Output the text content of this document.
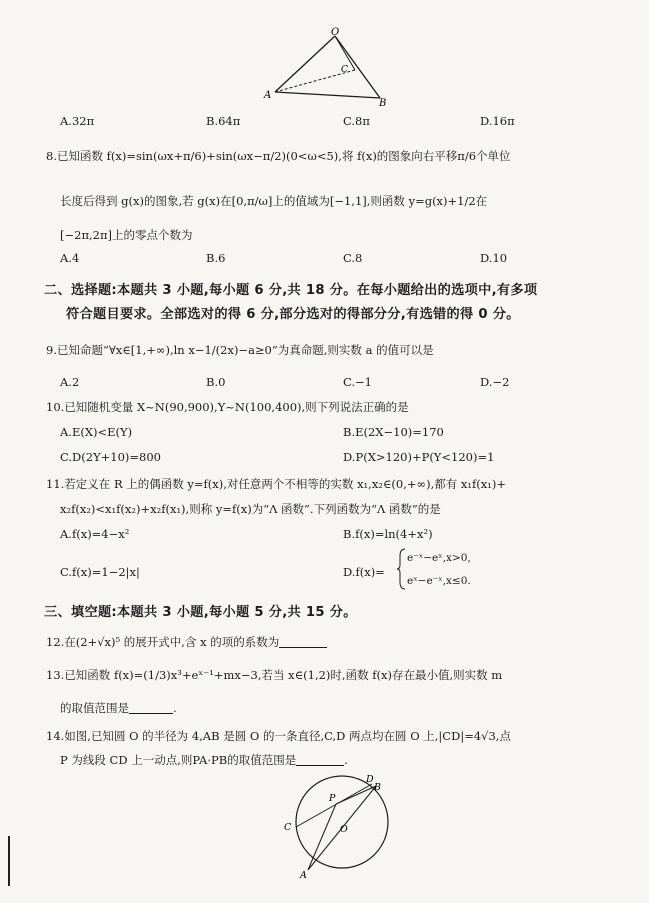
O
A
B
C
A.32π	B.64π	C.8π	D.16π
8.已知函数 f(x)=sin(ωx+π/6)+sin(ωx−π/2)(0<ω<5),将 f(x)的图象向右平移π/6个单位
长度后得到 g(x)的图象,若 g(x)在[0,π/ω]上的值域为[−1,1],则函数 y=g(x)+1/2在
[−2π,2π]上的零点个数为
A.4	B.6	C.8	D.10
二、选择题:本题共 3 小题,每小题 6 分,共 18 分。在每小题给出的选项中,有多项
符合题目要求。全部选对的得 6 分,部分选对的得部分分,有选错的得 0 分。
9.已知命题“∀x∈[1,+∞),ln x−1/(2x)−a≥0”为真命题,则实数 a 的值可以是
A.2	B.0	C.−1	D.−2
10.已知随机变量 X~N(90,900),Y~N(100,400),则下列说法正确的是
A.E(X)<E(Y)	B.E(2X−10)=170
C.D(2Y+10)=800	D.P(X>120)+P(Y<120)=1
11.若定义在 R 上的偶函数 y=f(x),对任意两个不相等的实数 x₁,x₂∈(0,+∞),都有 x₁f(x₁)+
x₂f(x₂)<x₁f(x₂)+x₂f(x₁),则称 y=f(x)为“Λ 函数”.下列函数为“Λ 函数”的是
A.f(x)=4−x²	B.f(x)=ln(4+x²)
C.f(x)=1−2|x|	D.f(x)=
e⁻ˣ−eˣ,x>0,
eˣ−e⁻ˣ,x≤0.
三、填空题:本题共 3 小题,每小题 5 分,共 15 分。
12.在(2+√x)⁵ 的展开式中,含 x 的项的系数为
13.已知函数 f(x)=(1/3)x³+eˣ⁻¹+mx−3,若当 x∈(1,2)时,函数 f(x)存在最小值,则实数 m
的取值范围是	.
14.如图,已知圆 O 的半径为 4,AB 是圆 O 的一条直径,C,D 两点均在圆 O 上,|CD|=4√3,点
P 为线段 CD 上一动点,则PA·PB的取值范围是	.
O
A
B
C
D
P
